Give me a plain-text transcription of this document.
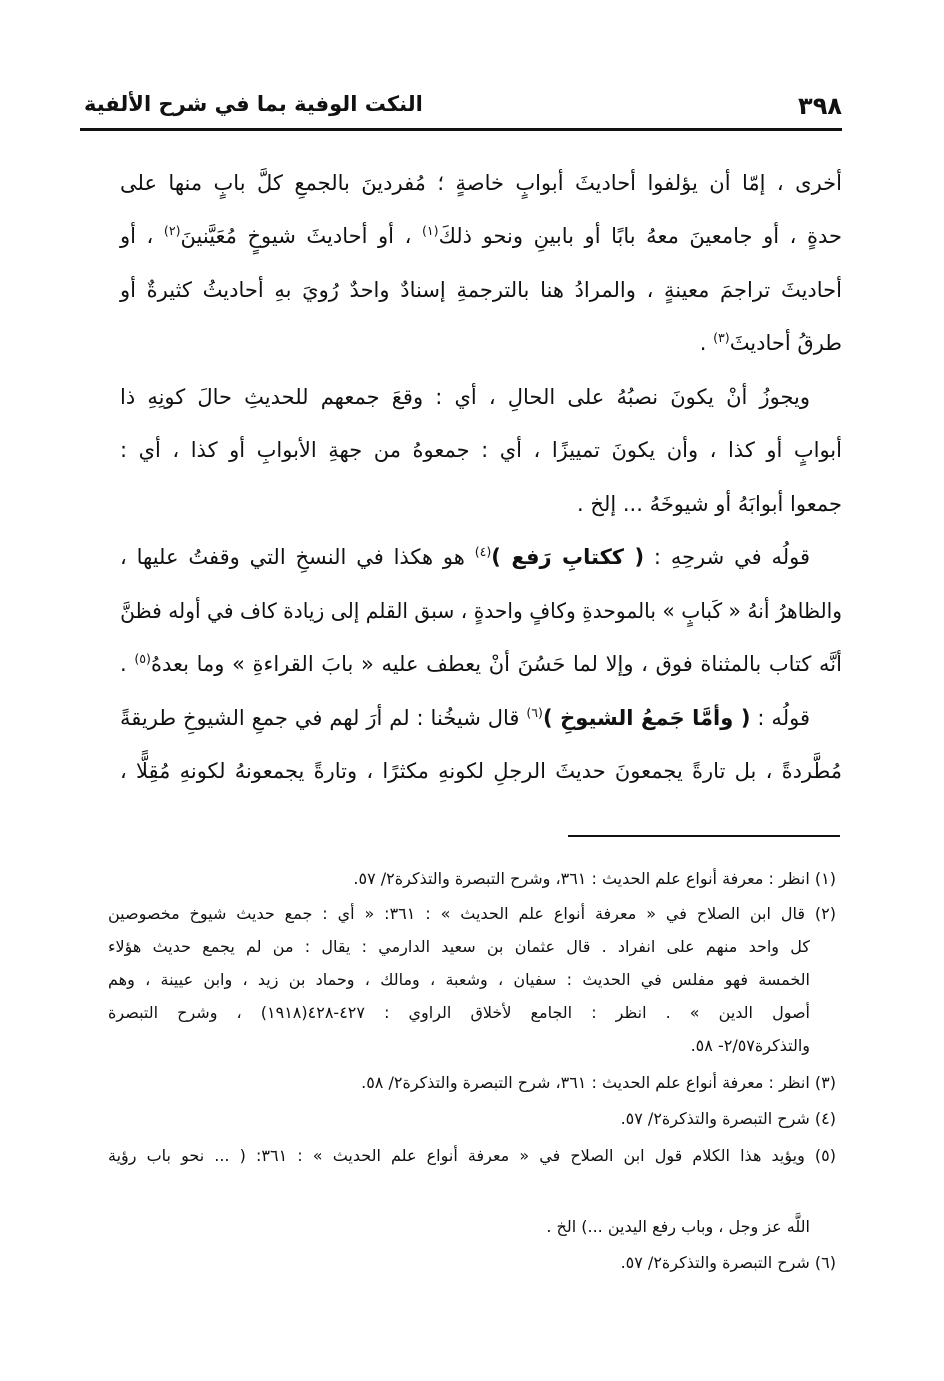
٣٩٨
النكت الوفية بما في شرح الألفية
أخرى ، إمّا أن يؤلفوا أحاديثَ أبوابٍ خاصةٍ ؛ مُفردينَ بالجمعِ كلَّ بابٍ منها على
حدةٍ ، أو جامعينَ معهُ بابًا أو بابينِ ونحو ذلكَ$^{(١)}$ ، أو أحاديثَ شيوخٍ مُعَيَّنينَ$^{(٢)}$ ، أو
أحاديثَ تراجمَ معينةٍ ، والمرادُ هنا بالترجمةِ إسنادٌ واحدٌ رُويَ بهِ أحاديثُ كثيرةٌ أو
طرقُ أحاديثَ$^{(٣)}$ .
ويجوزُ أنْ يكونَ نصبُهُ على الحالِ ، أي : وقعَ جمعهم للحديثِ حالَ كونِهِ ذا
أبوابٍ أو كذا ، وأن يكونَ تمييزًا ، أي : جمعوهُ من جهةِ الأبوابِ أو كذا ، أي :
جمعوا أبوابَهُ أو شيوخَهُ ... إلخ .
قولُه في شرحِهِ : ( ككتابِ رَفع )$^{(٤)}$ هو هكذا في النسخِ التي وقفتُ عليها ،
والظاهرُ أنهُ « كَبابٍ » بالموحدةِ وكافٍ واحدةٍ ، سبق القلم إلى زيادة كاف في أوله فظنَّ
أنَّه كتاب بالمثناة فوق ، وإلا لما حَسُنَ أنْ يعطف عليه « بابَ القراءةِ » وما بعدهُ$^{(٥)}$ .
قولُه : ( وأمَّا جَمعُ الشيوخِ )$^{(٦)}$ قال شيخُنا : لم أرَ لهم في جمعِ الشيوخِ طريقةً
مُطَّردةً ، بل تارةً يجمعونَ حديثَ الرجلِ لكونهِ مكثرًا ، وتارةً يجمعونهُ لكونهِ مُقِلًّا ،
(١) انظر : معرفة أنواع علم الحديث : ٣٦١، وشرح التبصرة والتذكرة٢/ ٥٧.
(٢) قال ابن الصلاح في « معرفة أنواع علم الحديث » : ٣٦١: « أي : جمع حديث شيوخ مخصوصين
كل واحد منهم على انفراد . قال عثمان بن سعيد الدارمي : يقال : من لم يجمع حديث هؤلاء
الخمسة فهو مفلس في الحديث : سفيان ، وشعبة ، ومالك ، وحماد بن زيد ، وابن عيينة ، وهم
أصول الدين » . انظر : الجامع لأخلاق الراوي : ٤٢٧-٤٢٨(١٩١٨) ، وشرح التبصرة
والتذكرة٢/٥٧- ٥٨.
(٣) انظر : معرفة أنواع علم الحديث : ٣٦١، شرح التبصرة والتذكرة٢/ ٥٨.
(٤) شرح التبصرة والتذكرة٢/ ٥٧.
(٥) ويؤيد هذا الكلام قول ابن الصلاح في « معرفة أنواع علم الحديث » : ٣٦١: ( ... نحو باب رؤية
اللَّه عز وجل ، وباب رفع اليدين ...) الخ .
(٦) شرح التبصرة والتذكرة٢/ ٥٧.
